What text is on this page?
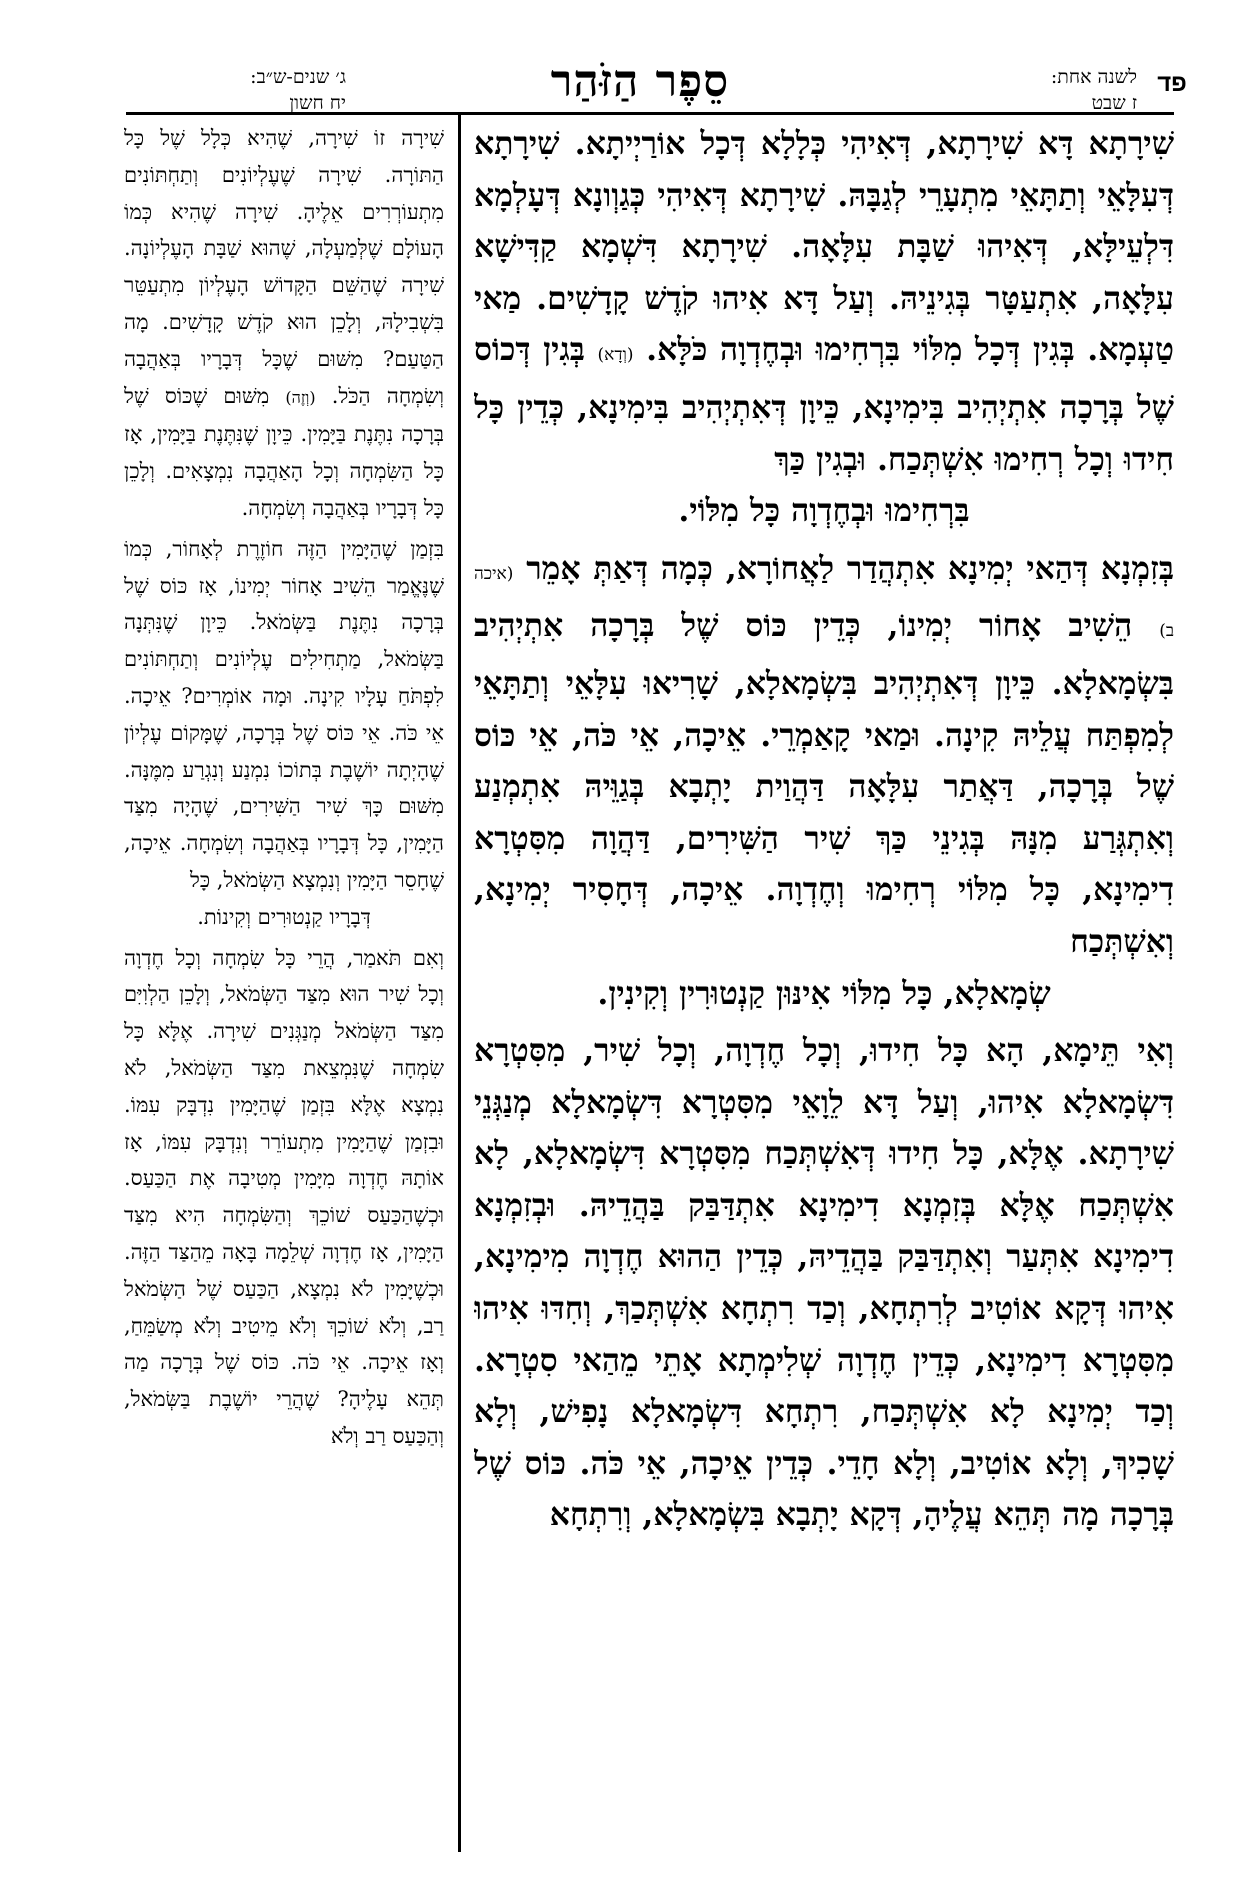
פד
לשנה אחת:
ז שבט
סֵפֶר הַזֹּהַר
ג׳ שנים-ש״ב:
יח חשון

שִׁירָתָא דָּא שִׁירָתָא, דְּאִיהִי כְּלָלָא דְּכָל אוֹרַיְיתָא. שִׁירָתָא דְּעִלָּאֵי וְתַתָּאֵי מִתְעָרֵי לְגַבָּהּ. שִׁירָתָא דְּאִיהִי כְּגַוְונָא דְּעָלְמָא דִּלְעֵילָּא, דְּאִיהוּ שַׁבָּת עִלָּאָה. שִׁירָתָא דִּשְׁמָא קַדִּישָׁא עִלָּאָה, אִתְעַטָּר בְּגִינֵיהּ. וְעַל דָּא אִיהוּ קֹדֶשׁ קָדָשִׁים. מַאי טַעְמָא. בְּגִין דְּכָל מִלּוֹי בִּרְחִימוּ וּבְחֶדְוָה כֹּלָּא. (וְדָא) בְּגִין דְּכוֹס שֶׁל בְּרָכָה אִתְיְהִיב בִּימִינָא, כֵּיוָן דְּאִתְיְהִיב בִּימִינָא, כְּדֵין כָּל חִידוּ וְכָל רְחִימוּ אִשְׁתְּכַח. וּבְגִין כַּךְ

בִּרְחִימוּ וּבְחֶדְוָה כָּל מִלּוֹי.

בְּזִמְנָא דְּהַאי יְמִינָא אִתְהֲדַר לַאֲחוֹרָא, כְּמָה דְּאַתְּ אָמֵר (איכה ב) הֵשִׁיב אָחוֹר יְמִינוֹ, כְּדֵין כּוֹס שֶׁל בְּרָכָה אִתְיְהִיב בִּשְׂמָאלָא. כֵּיוָן דְּאִתְיְהִיב בִּשְׂמָאלָא, שָׁרִיאוּ עִלָּאֵי וְתַתָּאֵי לְמִפְתַּח עֲלֵיהּ קִינָה. וּמַאי קָאַמְרֵי. אֵיכָה, אֵי כֹּה, אֵי כּוֹס שֶׁל בְּרָכָה, דַּאֲתַר עִלָּאָה דַּהֲוַית יָתְבָא בְּגַוֵּיהּ אִתְמְנַע וְאִתְגְּרַע מִנָּהּ בְּגִינֵי כַּךְ שִׁיר הַשִּׁירִים, דַּהֲוָה מִסִּטְרָא דִימִינָא, כָּל מִלּוֹי רְחִימוּ וְחֶדְוָה. אֵיכָה, דְּחָסִיר יְמִינָא, וְאִשְׁתְּכַח

שְׂמָאלָא, כָּל מִלּוֹי אִינּוּן קַנְטוּרִין וְקִינִין.

וְאִי תֵּימָא, הָא כָּל חִידוּ, וְכָל חֶדְוָה, וְכָל שִׁיר, מִסִּטְרָא דִּשְׂמָאלָא אִיהוּ, וְעַל דָּא לֵוָאֵי מִסִּטְרָא דִּשְׂמָאלָא מְנַגְּנֵי שִׁירָתָא. אֶלָּא, כָּל חִידוּ דְּאִשְׁתְּכַח מִסִּטְרָא דִּשְׂמָאלָא, לָא אִשְׁתְּכַח אֶלָּא בְּזִמְנָא דִימִינָא אִתְדַּבַּק בַּהֲדֵיהּ. וּבְזִמְנָא דִימִינָא אִתְּעַר וְאִתְדַּבַּק בַּהֲדֵיהּ, כְּדֵין הַהוּא חֶדְוָה מִימִינָא, אִיהוּ דְּקָא אוֹטִיב לְרִתְחָא, וְכַד רִתְחָא אִשְׁתְּכַךְ, וְחִדּוּ אִיהוּ מִסִּטְרָא דִימִינָא, כְּדֵין חֶדְוָה שְׁלִימְתָא אָתֵי מֵהַאי סִטְרָא. וְכַד יְמִינָא לָא אִשְׁתְּכַח, רִתְחָא דִּשְׂמָאלָא נָפִישׁ, וְלָא שָׁכִיךְ, וְלָא אוֹטִיב, וְלָא חָדֵי. כְּדֵין אֵיכָה, אֵי כֹּה. כּוֹס שֶׁל בְּרָכָה מָה תְּהֵא עֲלֶיהָ, דְּקָא יָתְבָא בִּשְׂמָאלָא, וְרִתְחָא

שִׁירָה זוֹ שִׁירָה, שֶׁהִיא כְּלָל שֶׁל כָּל הַתּוֹרָה. שִׁירָה שֶׁעֶלְיוֹנִים וְתַחְתּוֹנִים מִתְעוֹרְרִים אֵלֶיהָ. שִׁירָה שֶׁהִיא כְּמוֹ הָעוֹלָם שֶׁלְּמַעְלָה, שֶׁהוּא שַׁבָּת הָעֶלְיוֹנָה. שִׁירָה שֶׁהַשֵּׁם הַקָּדוֹשׁ הָעֶלְיוֹן מִתְעַטֵּר בִּשְׁבִילָהּ, וְלָכֵן הוּא קֹדֶשׁ קָדָשִׁים. מָה הַטַּעַם? מִשּׁוּם שֶׁכָּל דְּבָרָיו בְּאַהֲבָה וְשִׂמְחָה הַכֹּל. (וְזֶה) מִשּׁוּם שֶׁכּוֹס שֶׁל בְּרָכָה נִתֶּנֶת בַּיָּמִין. כֵּיוָן שֶׁנִּתֶּנֶת בַּיָּמִין, אָז כָּל הַשִּׂמְחָה וְכָל הָאַהֲבָה נִמְצָאִים. וְלָכֵן כָּל דְּבָרָיו בְּאַהֲבָה וְשִׂמְחָה.

בִּזְמַן שֶׁהַיָּמִין הַזֶּה חוֹזֶרֶת לְאָחוֹר, כְּמוֹ שֶׁנֶּאֱמַר הֵשִׁיב אָחוֹר יְמִינוֹ, אָז כּוֹס שֶׁל בְּרָכָה נִתֶּנֶת בַּשְּׂמֹאל. כֵּיוָן שֶׁנִּתְּנָה בַּשְּׂמֹאל, מַתְחִילִים עֶלְיוֹנִים וְתַחְתּוֹנִים לִפְתֹּחַ עָלָיו קִינָה. וּמָה אוֹמְרִים? אֵיכָה. אֵי כֹּה. אֵי כּוֹס שֶׁל בְּרָכָה, שֶׁמָּקוֹם עֶלְיוֹן שֶׁהָיְתָה יוֹשֶׁבֶת בְּתוֹכוֹ נִמְנַע וְנִגְרַע מִמֶּנָּה. מִשּׁוּם כָּךְ שִׁיר הַשִּׁירִים, שֶׁהָיָה מִצַּד הַיָּמִין, כָּל דְּבָרָיו בְּאַהֲבָה וְשִׂמְחָה. אֵיכָה, שֶׁחָסֵר הַיָּמִין וְנִמְצָא הַשְּׂמֹאל, כָּל

דְּבָרָיו קַנְטוּרִים וְקִינוֹת.

וְאִם תֹּאמַר, הֲרֵי כָּל שִׂמְחָה וְכָל חֶדְוָה וְכָל שִׁיר הוּא מִצַּד הַשְּׂמֹאל, וְלָכֵן הַלְוִיִּם מִצַּד הַשְּׂמֹאל מְנַגְּנִים שִׁירָה. אֶלָּא כָּל שִׂמְחָה שֶׁנִּמְצֵאת מִצַּד הַשְּׂמֹאל, לֹא נִמְצָא אֶלָּא בִּזְמַן שֶׁהַיָּמִין נִדְבָּק עִמּוֹ. וּבִזְמַן שֶׁהַיָּמִין מִתְעוֹרֵר וְנִדְבָּק עִמּוֹ, אָז אוֹתָהּ חֶדְוָה מִיָּמִין מְטִיבָה אֶת הַכַּעַס. וּכְשֶׁהַכַּעַס שׁוֹכֵךְ וְהַשִּׂמְחָה הִיא מִצַּד הַיָּמִין, אָז חֶדְוָה שְׁלֵמָה בָּאָה מֵהַצַּד הַזֶּה. וּכְשֶׁיָּמִין לֹא נִמְצָא, הַכַּעַס שֶׁל הַשְּׂמֹאל רַב, וְלֹא שׁוֹכֵךְ וְלֹא מֵיטִיב וְלֹא מְשַׂמֵּחַ, וְאָז אֵיכָה. אֵי כֹּה. כּוֹס שֶׁל בְּרָכָה מַה תְּהֵא עָלֶיהָ? שֶׁהֲרֵי יוֹשֶׁבֶת בַּשְּׂמֹאל, וְהַכַּעַס רַב וְלֹא
